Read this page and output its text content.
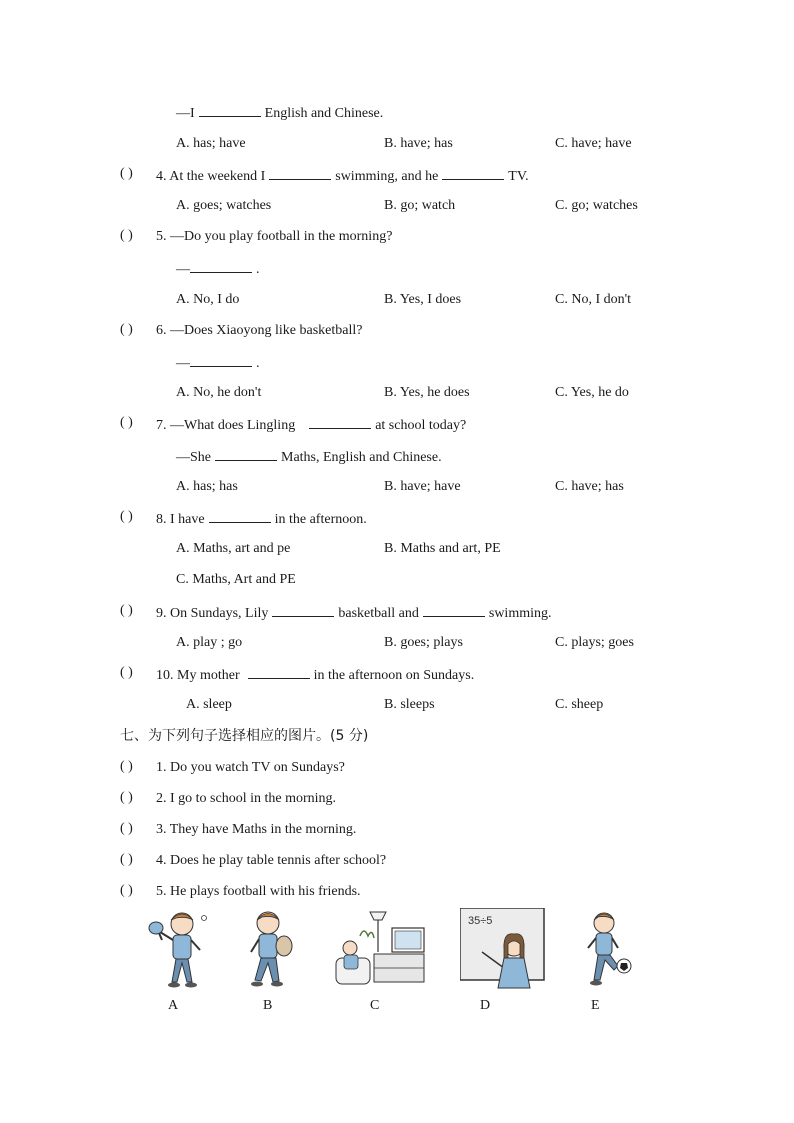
—I	English and Chinese.
A. has; have	B. have; has	C. have; have
( ) 4. At the weekend I	swimming, and he	TV.
A. goes; watches	B. go; watch	C. go; watches
( ) 5. —Do you play football in the morning?
—	.
A. No, I do	B. Yes, I does	C. No, I don't
( ) 6. —Does Xiaoyong like basketball?
—	.
A. No, he don't	B. Yes, he does	C. Yes, he do
( ) 7. —What does Lingling	at school today?
—She	Maths, English and Chinese.
A. has; has	B. have; have	C. have; has
( ) 8. I have	in the afternoon.
A. Maths, art and pe	B. Maths and art, PE
C. Maths, Art and PE
( ) 9. On Sundays, Lily	basketball and	swimming.
A. play ; go	B. goes; plays	C. plays; goes
( ) 10. My mother	in the afternoon on Sundays.
A. sleep	B. sleeps	C. sheep
七、为下列句子选择相应的图片。(5 分)
( ) 1. Do you watch TV on Sundays?
( ) 2. I go to school in the morning.
( ) 3. They have Maths in the morning.
( ) 4. Does he play table tennis after school?
( ) 5. He plays football with his friends.
35÷5
A	B	C	D	E
